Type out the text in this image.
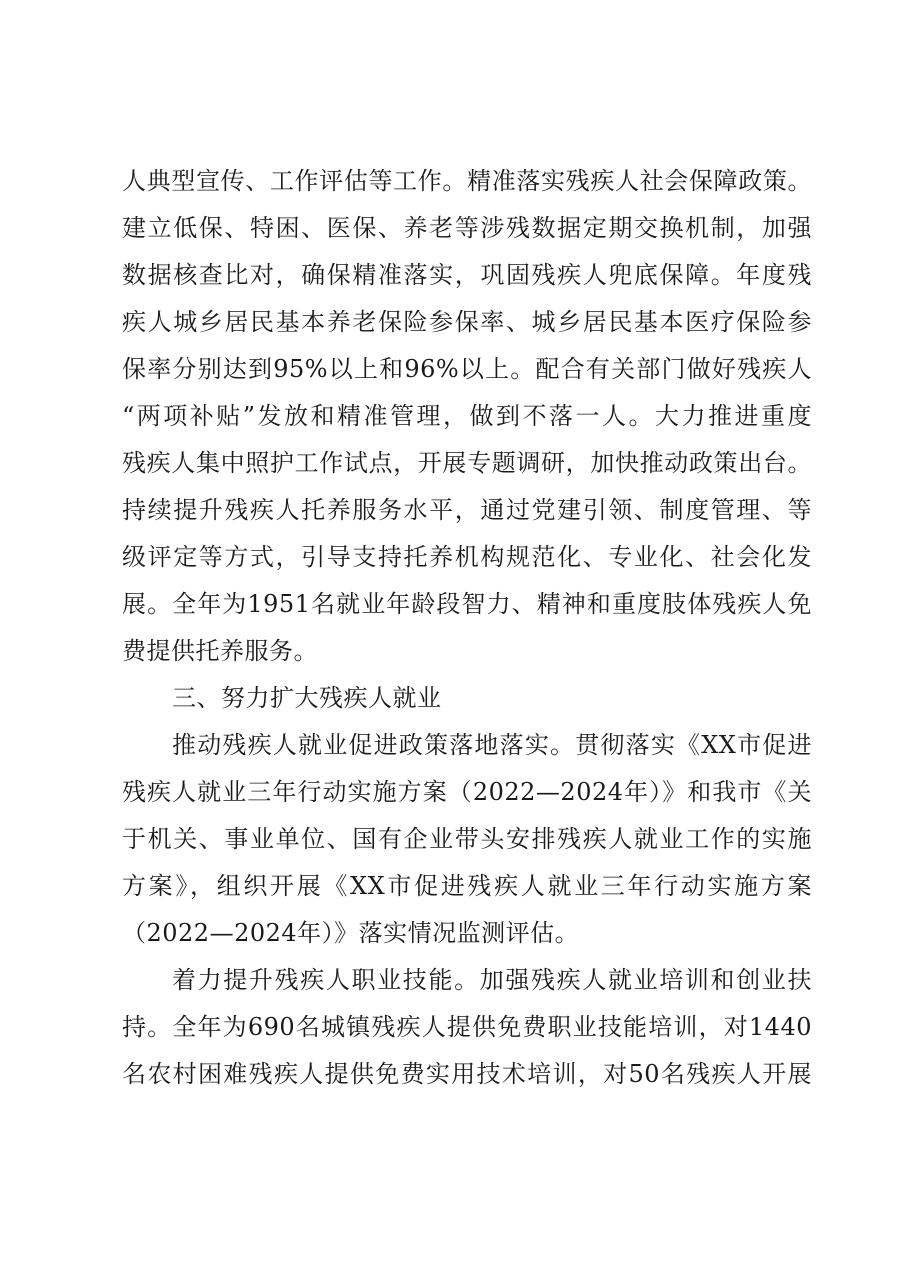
人典型宣传、工作评估等工作。精准落实残疾人社会保障政策。
建立低保、特困、医保、养老等涉残数据定期交换机制，加强
数据核查比对，确保精准落实，巩固残疾人兜底保障。年度残
疾人城乡居民基本养老保险参保率、城乡居民基本医疗保险参
保率分别达到95%以上和96%以上。配合有关部门做好残疾人
“两项补贴”发放和精准管理，做到不落一人。大力推进重度
残疾人集中照护工作试点，开展专题调研，加快推动政策出台。
持续提升残疾人托养服务水平，通过党建引领、制度管理、等
级评定等方式，引导支持托养机构规范化、专业化、社会化发
展。全年为1951名就业年龄段智力、精神和重度肢体残疾人免
费提供托养服务。
三、努力扩大残疾人就业
推动残疾人就业促进政策落地落实。贯彻落实《XX市促进
残疾人就业三年行动实施方案（2022—2024年）》和我市《关
于机关、事业单位、国有企业带头安排残疾人就业工作的实施
方案》，组织开展《XX市促进残疾人就业三年行动实施方案
（2022—2024年）》落实情况监测评估。
着力提升残疾人职业技能。加强残疾人就业培训和创业扶
持。全年为690名城镇残疾人提供免费职业技能培训，对1440
名农村困难残疾人提供免费实用技术培训，对50名残疾人开展
